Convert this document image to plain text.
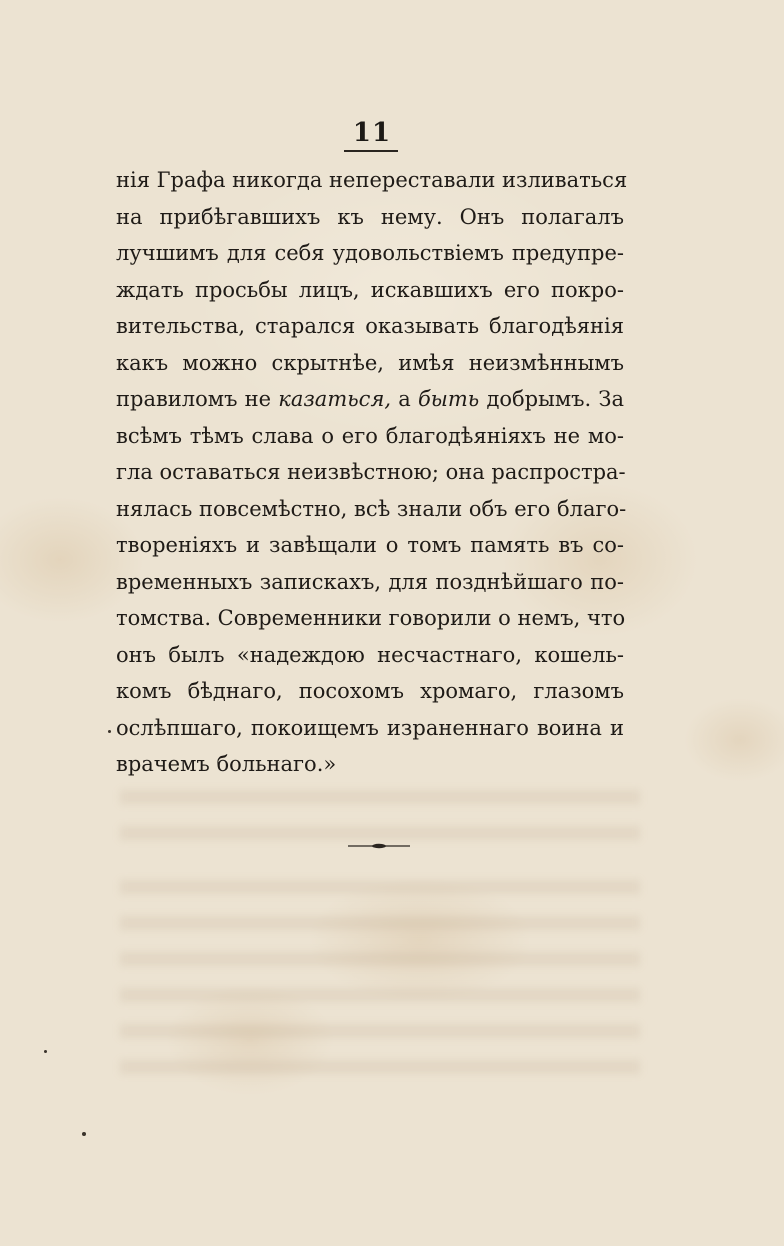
11
нія Графа никогда непереставали изливаться
на прибѣгавшихъ къ нему. Онъ полагалъ
лучшимъ для себя удовольствіемъ предупре-
ждать просьбы лицъ, искавшихъ его покро-
вительства, старался оказывать благодѣянія
какъ можно скрытнѣе, имѣя неизмѣннымъ
правиломъ не казаться, а быть добрымъ. За
всѣмъ тѣмъ слава о его благодѣяніяхъ не мо-
гла оставаться неизвѣстною; она распростра-
нялась повсемѣстно, всѣ знали объ его благо-
твореніяхъ и завѣщали о томъ память въ со-
временныхъ запискахъ, для позднѣйшаго по-
томства. Современники говорили о немъ, что
онъ былъ «надеждою несчастнаго, кошель-
комъ бѣднаго, посохомъ хромаго, глазомъ
ослѣпшаго, покоищемъ израненнаго воина и
врачемъ больнаго.»
